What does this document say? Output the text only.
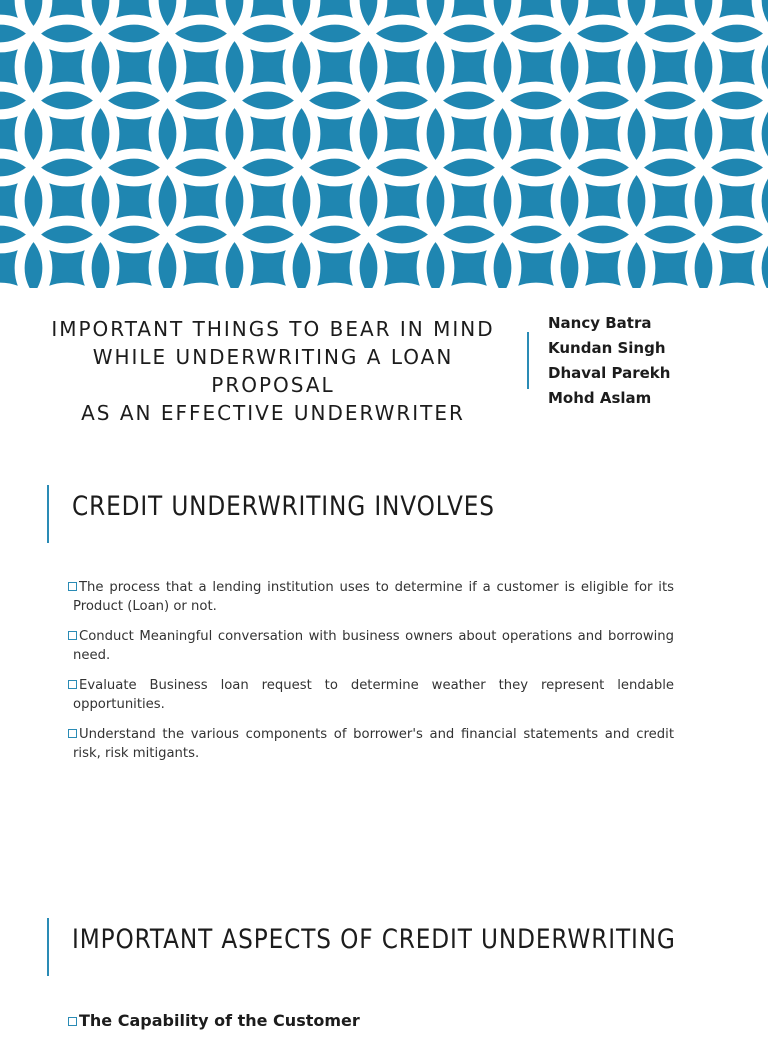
IMPORTANT THINGS TO BEAR IN MIND
WHILE UNDERWRITING A LOAN PROPOSAL
AS AN EFFECTIVE UNDERWRITER
Nancy Batra
Kundan Singh
Dhaval Parekh
Mohd Aslam
CREDIT UNDERWRITING INVOLVES
The process that a lending institution uses to determine if a customer is eligible for its Product (Loan) or not.
Conduct Meaningful conversation with business owners about operations and borrowing need.
Evaluate Business loan request to determine weather they represent lendable opportunities.
Understand the various components of borrower's and financial statements and credit risk, risk mitigants.
IMPORTANT ASPECTS OF CREDIT UNDERWRITING
The Capability of the Customer
